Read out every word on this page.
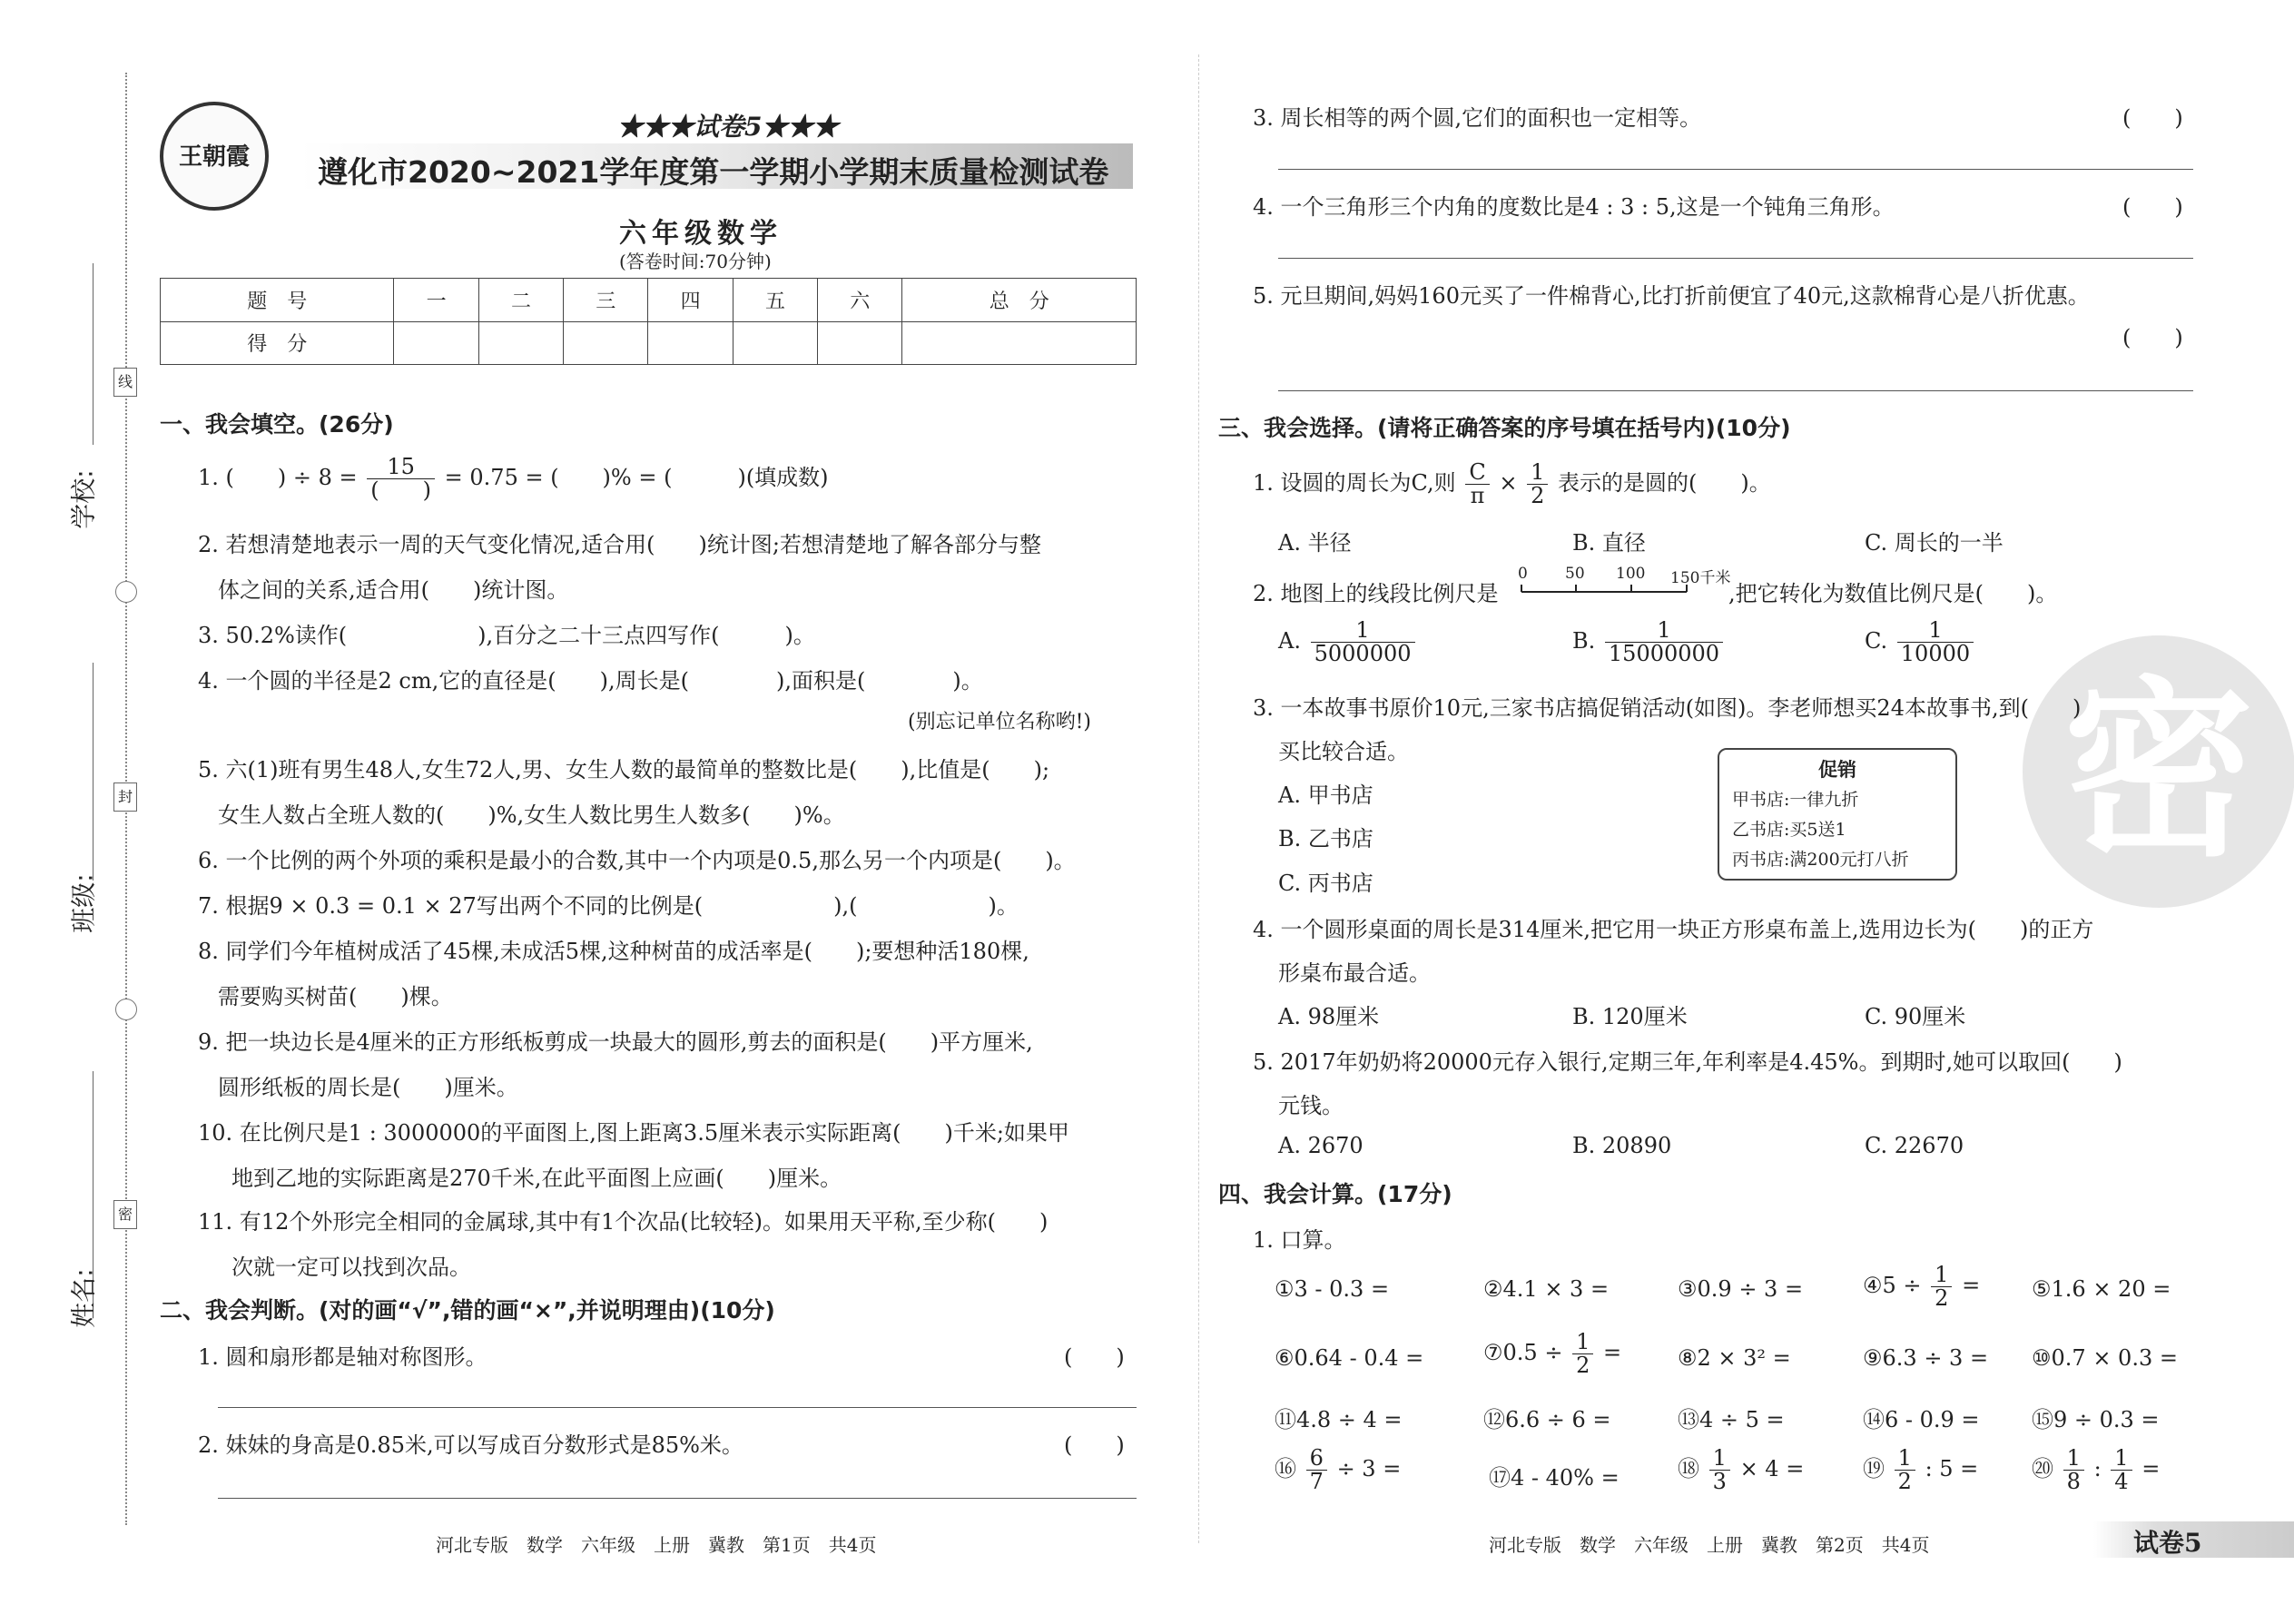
学校:
班级:
姓名:
线
封
密
王朝霞
★★★试卷5★★★
遵化市2020~2021学年度第一学期小学期末质量检测试卷
六年级数学
(答卷时间:70分钟)
题　号	一	二	三	四	五	六	总　分
得　分							
一、我会填空。(26分)
1. (　　) ÷ $8 = \frac{15}{( )} = 0.75$ = (　　)% = (　　　)(填成数)
2. 若想清楚地表示一周的天气变化情况,适合用(　　)统计图;若想清楚地了解各部分与整
体之间的关系,适合用(　　)统计图。
3. 50.2%读作(　　　　　　),百分之二十三点四写作(　　　)。
4. 一个圆的半径是2 cm,它的直径是(　　),周长是(　　　　),面积是(　　　　)。
(别忘记单位名称哟!)
5. 六(1)班有男生48人,女生72人,男、女生人数的最简单的整数比是(　　),比值是(　　);
女生人数占全班人数的(　　)%,女生人数比男生人数多(　　)%。
6. 一个比例的两个外项的乘积是最小的合数,其中一个内项是0.5,那么另一个内项是(　　)。
7. 根据9 × 0.3 = 0.1 × 27写出两个不同的比例是(　　　　　　),(　　　　　　)。
8. 同学们今年植树成活了45棵,未成活5棵,这种树苗的成活率是(　　);要想种活180棵,
需要购买树苗(　　)棵。
9. 把一块边长是4厘米的正方形纸板剪成一块最大的圆形,剪去的面积是(　　)平方厘米,
圆形纸板的周长是(　　)厘米。
10. 在比例尺是1 : 3000000的平面图上,图上距离3.5厘米表示实际距离(　　)千米;如果甲
地到乙地的实际距离是270千米,在此平面图上应画(　　)厘米。
11. 有12个外形完全相同的金属球,其中有1个次品(比较轻)。如果用天平称,至少称(　　)
次就一定可以找到次品。
二、我会判断。(对的画“√”,错的画“×”,并说明理由)(10分)
1. 圆和扇形都是轴对称图形。	(　　)
2. 妹妹的身高是0.85米,可以写成百分数形式是85%米。	(　　)
3. 周长相等的两个圆,它们的面积也一定相等。	(　　)
4. 一个三角形三个内角的度数比是4 : 3 : 5,这是一个钝角三角形。	(　　)
5. 元旦期间,妈妈160元买了一件棉背心,比打折前便宜了40元,这款棉背心是八折优惠。
(　　)
密
三、我会选择。(请将正确答案的序号填在括号内)(10分)
1. 设圆的周长为C,则 $\frac{C}{\pi} \times \frac{1}{2}$ 表示的是圆的(　　)。
A. 半径	B. 直径	C. 周长的一半
2. 地图上的线段比例尺是
0 50 100 150千米
,把它转化为数值比例尺是(　　)。
A. $\frac{1}{5000000}$	B. $\frac{1}{15000000}$	C. $\frac{1}{10000}$
3. 一本故事书原价10元,三家书店搞促销活动(如图)。李老师想买24本故事书,到(　　)
买比较合适。
A. 甲书店
B. 乙书店
C. 丙书店
促销
甲书店:一律九折
乙书店:买5送1
丙书店:满200元打八折
4. 一个圆形桌面的周长是314厘米,把它用一块正方形桌布盖上,选用边长为(　　)的正方
形桌布最合适。
A. 98厘米	B. 120厘米	C. 90厘米
5. 2017年奶奶将20000元存入银行,定期三年,年利率是4.45%。到期时,她可以取回(　　)
元钱。
A. 2670	B. 20890	C. 22670
四、我会计算。(17分)
1. 口算。
①3 - 0.3 =	②4.1 × 3 =	③0.9 ÷ 3 =	④5 ÷ $\frac{1}{2}$ = ⑤1.6 × 20 =
⑥0.64 - 0.4 =	⑦0.5 ÷ $\frac{1}{2}$ =	⑧2 × 3² =	⑨6.3 ÷ 3 = ⑩0.7 × 0.3 =
⑪4.8 ÷ 4 =	⑫6.6 ÷ 6 =	⑬4 ÷ 5 =	⑭6 - 0.9 = ⑮9 ÷ 0.3 =
⑯ $\frac{6}{7} \div 3$ =	⑰4 - 40% =	⑱ $\frac{1}{3} \times 4$ =	⑲ $\frac{1}{2}$ : 5 = ⑳ $\frac{1}{8}$ : $\frac{1}{4}$ =
河北专版　数学　六年级　上册　冀教　第1页　共4页	河北专版　数学　六年级　上册　冀教　第2页　共4页	试卷5
